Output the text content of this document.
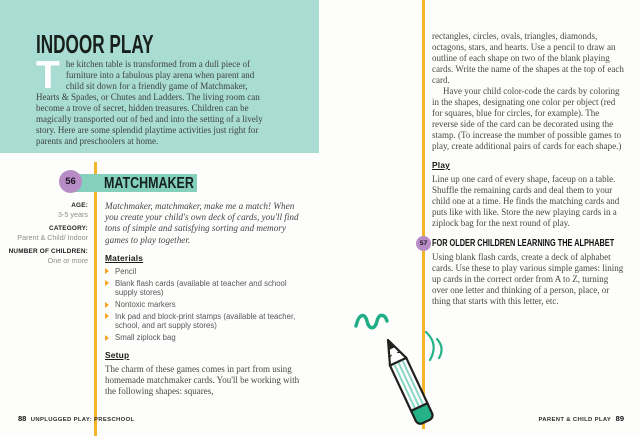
INDOOR PLAY
The kitchen table is transformed from a dull piece of furniture into a fabulous play arena when parent and child sit down for a friendly game of Matchmaker, Hearts & Spades, or Chutes and Ladders. The living room can become a trove of secret, hidden treasures. Children can be magically transported out of bed and into the setting of a lively story. Here are some splendid playtime activities just right for parents and preschoolers at home.
MATCHMAKER
56
AGE:
3-5 years
CATEGORY:
Parent & Child/ Indoor
NUMBER OF CHILDREN:
One or more

Matchmaker, matchmaker, make me a match! When you create your child's own deck of cards, you'll find tons of simple and satisfying sorting and memory games to play together.

Materials
Pencil
Blank flash cards (available at teacher and school supply stores)
Nontoxic markers
Ink pad and block-print stamps (available at teacher, school, and art supply stores)
Small ziplock bag
Setup

The charm of these games comes in part from using homemade matchmaker cards. You'll be working with the following shapes: squares,

88 UNPLUGGED PLAY: PRESCHOOL

rectangles, circles, ovals, triangles, diamonds, octagons, stars, and hearts. Use a pencil to draw an outline of each shape on two of the blank playing cards. Write the name of the shapes at the top of each card.

Have your child color-code the cards by coloring in the shapes, designating one color per object (red for squares, blue for circles, for example). The reverse side of the card can be decorated using the stamp. (To increase the number of possible games to play, create additional pairs of cards for each shape.)

Play

Line up one card of every shape, faceup on a table. Shuffle the remaining cards and deal them to your child one at a time. He finds the matching cards and puts like with like. Store the new playing cards in a ziplock bag for the next round of play.

57 FOR OLDER CHILDREN LEARNING THE ALPHABET

Using blank flash cards, create a deck of alphabet cards. Use these to play various simple games: lining up cards in the correct order from A to Z, turning over one letter and thinking of a person, place, or thing that starts with this letter, etc.

PARENT & CHILD PLAY 89
